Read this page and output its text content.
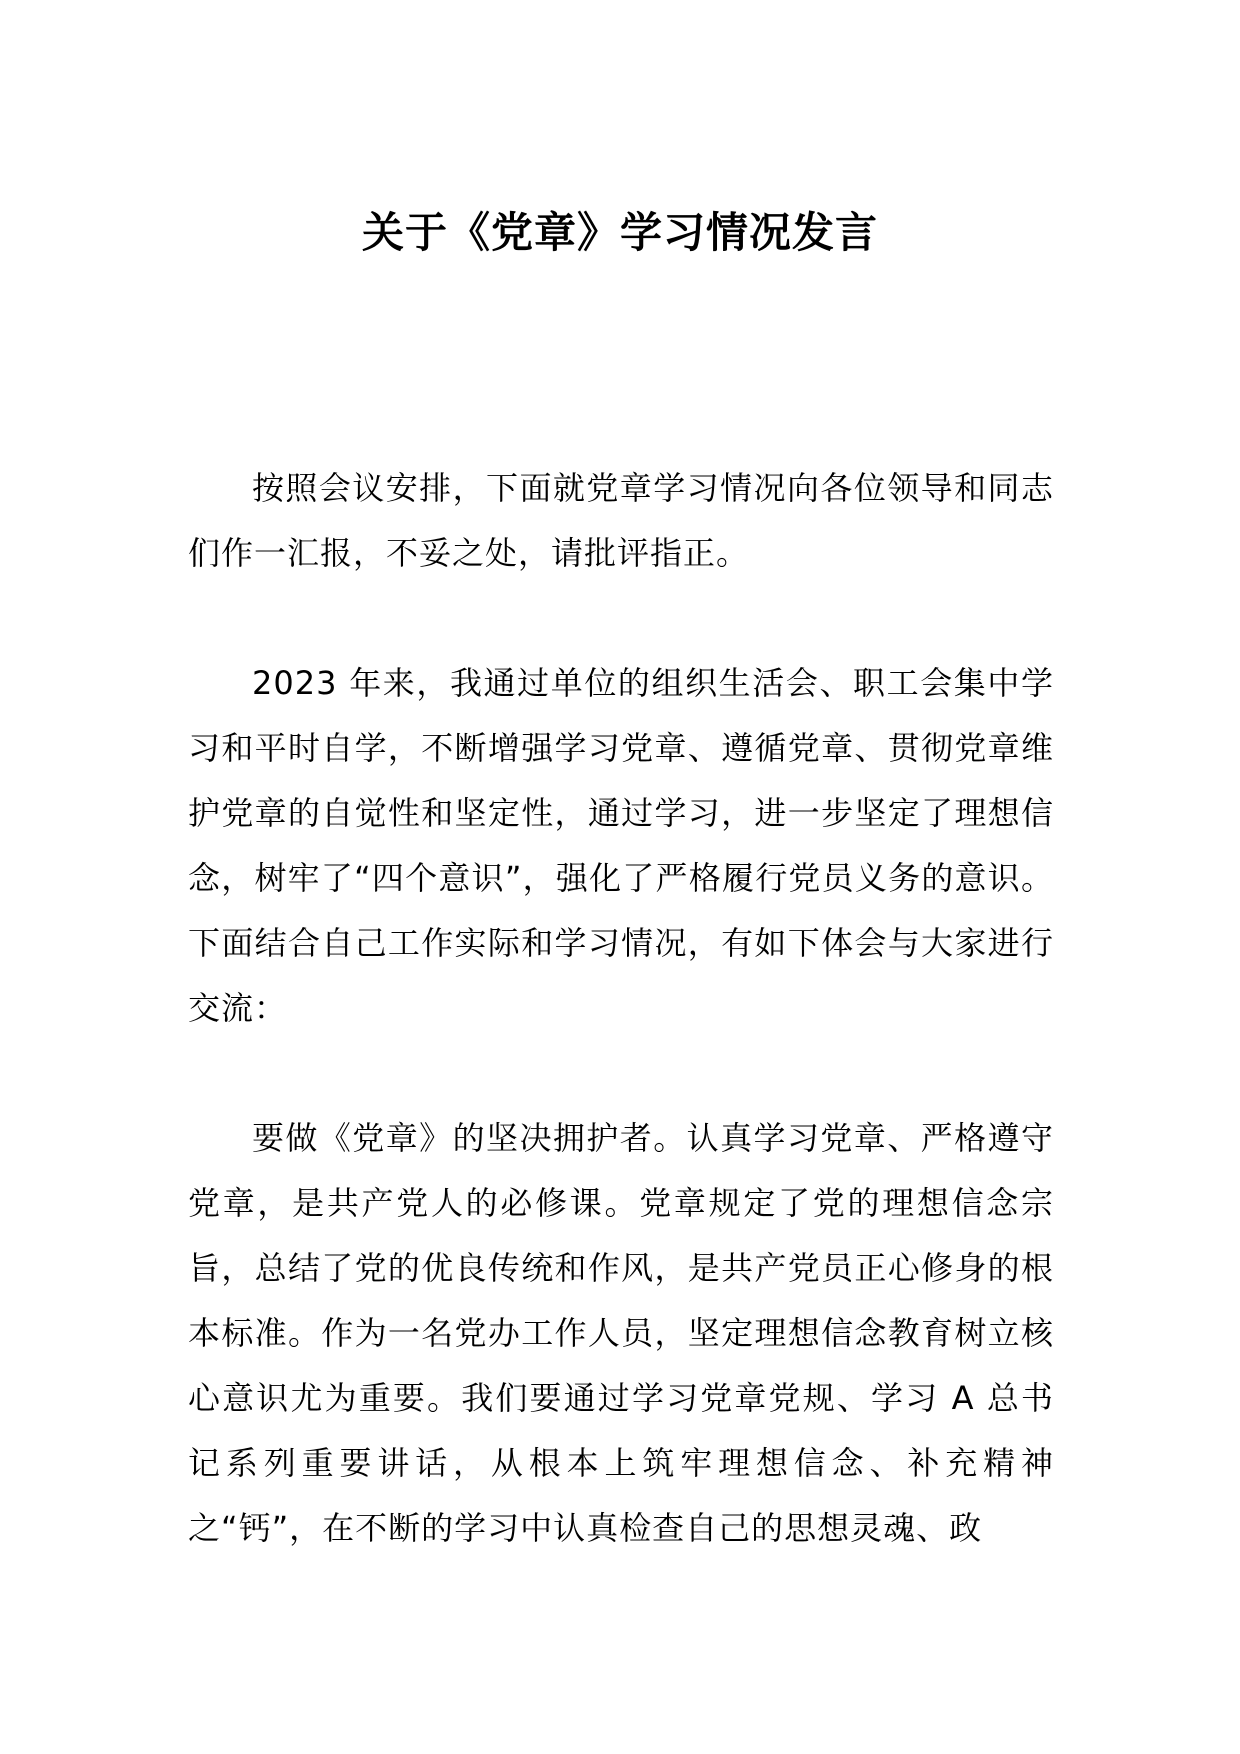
关于《党章》学习情况发言

按照会议安排，下面就党章学习情况向各位领导和同志们作一汇报，不妥之处，请批评指正。

2023 年来，我通过单位的组织生活会、职工会集中学习和平时自学，不断增强学习党章、遵循党章、贯彻党章维护党章的自觉性和坚定性，通过学习，进一步坚定了理想信念，树牢了“四个意识”，强化了严格履行党员义务的意识。下面结合自己工作实际和学习情况，有如下体会与大家进行交流：

要做《党章》的坚决拥护者。认真学习党章、严格遵守党章，是共产党人的必修课。党章规定了党的理想信念宗旨，总结了党的优良传统和作风，是共产党员正心修身的根本标准。作为一名党办工作人员，坚定理想信念教育树立核心意识尤为重要。我们要通过学习党章党规、学习 A 总书记系列重要讲话，从根本上筑牢理想信念、补充精神之“钙”，在不断的学习中认真检查自己的思想灵魂、政
